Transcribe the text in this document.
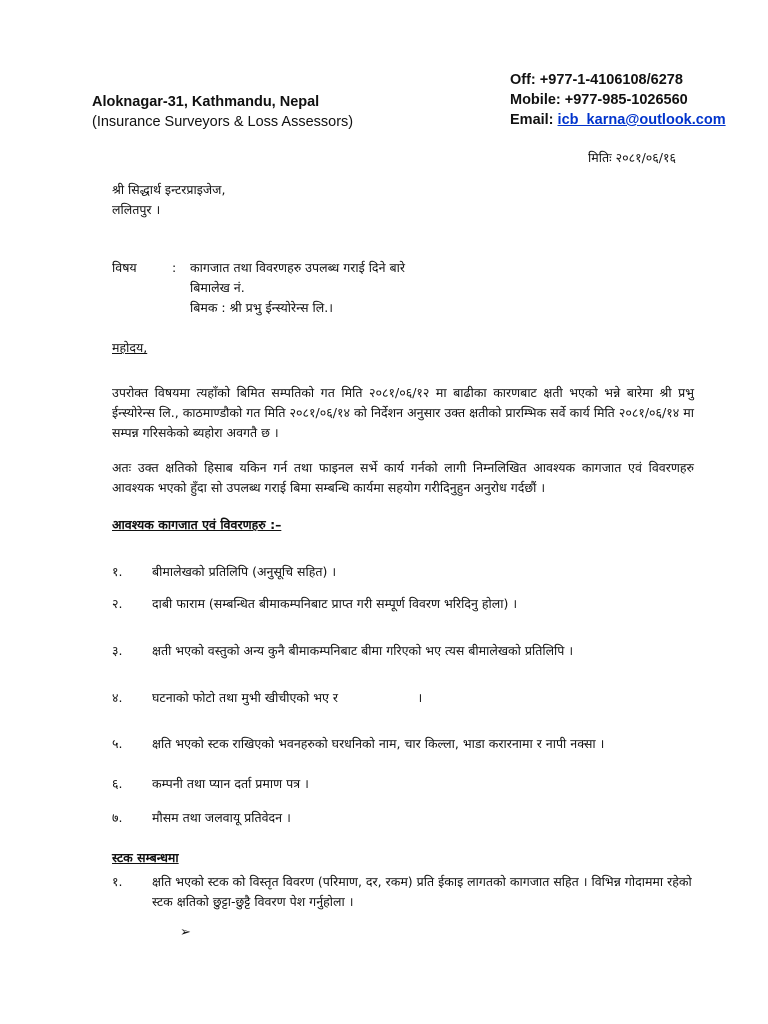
Aloknagar-31, Kathmandu, Nepal
(Insurance Surveyors & Loss Assessors)
Off: +977-1-4106108/6278
Mobile: +977-985-1026560
Email: icb_karna@outlook.com
मितिः २०८१/०६/१६
श्री सिद्धार्थ इन्टरप्राइजेज,
ललितपुर ।
विषय	: कागजात तथा विवरणहरु उपलब्ध गराई दिने बारे
बिमालेख नं.
बिमक : श्री प्रभु ईन्स्योरेन्स लि.।
महोदय,
उपरोक्त विषयमा त्यहाँको बिमित सम्पतिको गत मिति २०८१/०६/१२ मा बाढीका कारणबाट क्षती भएको भन्ने बारेमा श्री प्रभु ईन्स्योरेन्स लि., काठमाण्डौको गत मिति २०८१/०६/१४ को निर्देशन अनुसार उक्त क्षतीको प्रारम्भिक सर्वे कार्य मिति २०८१/०६/१४ मा सम्पन्न गरिसकेको ब्यहोरा अवगतै छ ।
अतः उक्त क्षतिको हिसाब यकिन गर्न तथा फाइनल सर्भे कार्य गर्नको लागी निम्नलिखित आवश्यक कागजात एवं विवरणहरु आवश्यक भएको हुँदा सो उपलब्ध गराई बिमा सम्बन्धि कार्यमा सहयोग गरीदिनुहुन अनुरोध गर्दछौं ।
आवश्यक कागजात एवं विवरणहरु :–
१. बीमालेखको प्रतिलिपि (अनुसूचि सहित) ।
२. दाबी फाराम (सम्बन्धित बीमाकम्पनिबाट प्राप्त गरी सम्पूर्ण विवरण भरिदिनु होला) ।
३. क्षती भएको वस्तुको अन्य कुनै बीमाकम्पनिबाट बीमा गरिएको भए त्यस बीमालेखको प्रतिलिपि ।
४. घटनाको फोटो तथा मुभी खीचीएको भए र                    ।
५. क्षति भएको स्टक राखिएको भवनहरुको घरधनिको नाम, चार किल्ला, भाडा करारनामा र नापी नक्सा ।
६. कम्पनी तथा प्यान दर्ता प्रमाण पत्र ।
७. मौसम तथा जलवायू प्रतिवेदन ।
स्टक सम्बन्धमा
१. क्षति भएको स्टक को विस्तृत विवरण (परिमाण, दर, रकम) प्रति ईकाइ लागतको कागजात सहित । विभिन्न गोदाममा रहेको स्टक क्षतिको छुट्टा-छुट्टै विवरण पेश गर्नुहोला ।
➢
